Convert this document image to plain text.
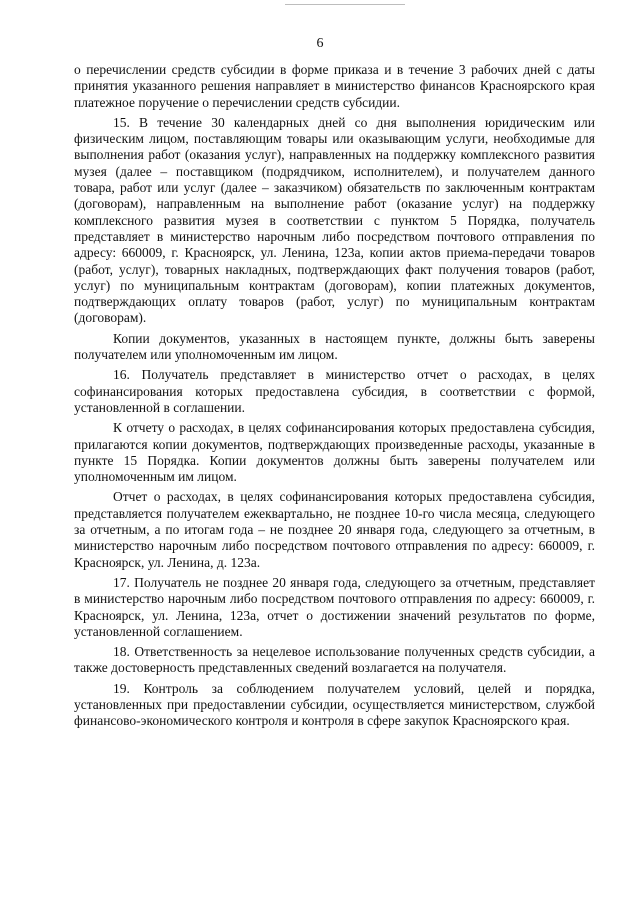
6

о перечислении средств субсидии в форме приказа и в течение 3 рабочих дней с даты принятия указанного решения направляет в министерство финансов Красноярского края платежное поручение о перечислении средств субсидии.

15. В течение 30 календарных дней со дня выполнения юридическим или физическим лицом, поставляющим товары или оказывающим услуги, необходимые для выполнения работ (оказания услуг), направленных на поддержку комплексного развития музея (далее – поставщиком (подрядчиком, исполнителем), и получателем данного товара, работ или услуг (далее – заказчиком) обязательств по заключенным контрактам (договорам), направленным на выполнение работ (оказание услуг) на поддержку комплексного развития музея в соответствии с пунктом 5 Порядка, получатель представляет в министерство нарочным либо посредством почтового отправления по адресу: 660009, г. Красноярск, ул. Ленина, 123а, копии актов приема-передачи товаров (работ, услуг), товарных накладных, подтверждающих факт получения товаров (работ, услуг) по муниципальным контрактам (договорам), копии платежных документов, подтверждающих оплату товаров (работ, услуг) по муниципальным контрактам (договорам).

Копии документов, указанных в настоящем пункте, должны быть заверены получателем или уполномоченным им лицом.

16. Получатель представляет в министерство отчет о расходах, в целях софинансирования которых предоставлена субсидия, в соответствии с формой, установленной в соглашении.

К отчету о расходах, в целях софинансирования которых предоставлена субсидия, прилагаются копии документов, подтверждающих произведенные расходы, указанные в пункте 15 Порядка. Копии документов должны быть заверены получателем или уполномоченным им лицом.

Отчет о расходах, в целях софинансирования которых предоставлена субсидия, представляется получателем ежеквартально, не позднее 10-го числа месяца, следующего за отчетным, а по итогам года – не позднее 20 января года, следующего за отчетным, в министерство нарочным либо посредством почтового отправления по адресу: 660009, г. Красноярск, ул. Ленина, д. 123а.

17. Получатель не позднее 20 января года, следующего за отчетным, представляет в министерство нарочным либо посредством почтового отправления по адресу: 660009, г. Красноярск, ул. Ленина, 123а, отчет о достижении значений результатов по форме, установленной соглашением.

18. Ответственность за нецелевое использование полученных средств субсидии, а также достоверность представленных сведений возлагается на получателя.

19. Контроль за соблюдением получателем условий, целей и порядка, установленных при предоставлении субсидии, осуществляется министерством, службой финансово-экономического контроля и контроля в сфере закупок Красноярского края.
